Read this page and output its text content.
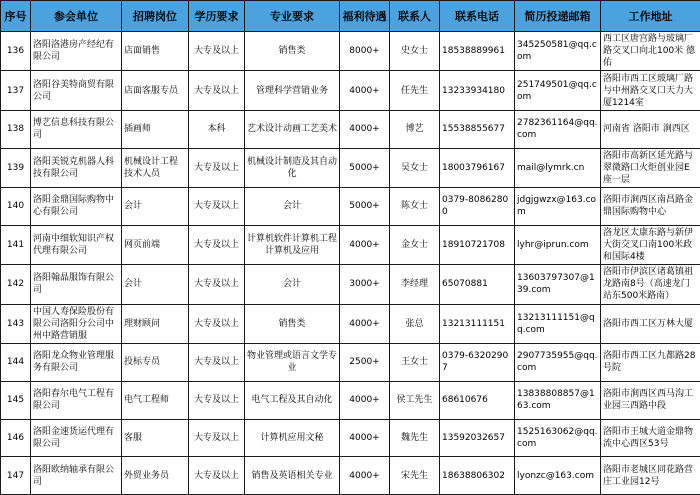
序号	参会单位	招聘岗位	学历要求	专业要求	福利待遇	联系人	联系电话	简历投递邮箱	工作地址
136	洛阳洛港房产经纪有限公司	店面销售	大专及以上	销售类	8000+	史女士	18538889961	345250581@qq.com	西工区唐宫路与玻璃厂路交叉口向北100米 德佑
137	洛阳谷美特商贸有限公司	店面客服专员	大专及以上	管理科学营销业务	4000+	任先生	13233934180	251749501@qq.com	洛阳市西工区玻璃厂路与中州路交叉口天力大厦1214室
138	博艺信息科技有限公司	插画师	本科	艺术设计动画工艺美术	4000+	博艺	15538855677	2782361164@qq.com	河南省 洛阳市 涧西区
139	洛阳美锐克机器人科技有限公司	机械设计工程技术人员	大专及以上	机械设计制造及其自动化	5000+	吴女士	18003796167	mail@lymrk.cn	洛阳市高新区延光路与翠微路口火炬创业园E座一层
140	洛阳金鼎国际购物中心有限公司	会计	大专及以上	会计	5000+	陈女士	0379-80862800	jdgjgwzx@163.com	洛阳市涧西区南昌路金鼎国际购物中心
141	河南中细软知识产权代理有限公司	网页前端	大专及以上	计算机软件计算机工程计算机及应用	4000+	金女士	18910721708	lyhr@iprun.com	洛龙区太康东路与新伊大街交叉口南100米政和国际4楼
142	洛阳翰晶服饰有限公司	会计	大专及以上	会计	3000+	李经理	65070881	13603797307@139.com	洛阳市伊滨区诸葛镇祖龙路南8号（高速龙门站东500米路南）
143	中国人寿保险股份有限公司洛阳分公司中州中路营销服	理财顾问	大专及以上	销售类	4000+	张总	13213111151	13213111151@qq.com	洛阳市西工区万林大厦
144	洛阳龙众物业管理服务有限公司	投标专员	大专及以上	物业管理或语言文学专业	2500+	王女士	0379-63202907	2907735955@qq.com	洛阳市西工区九都路28号院
145	洛阳春尔电气工程有限公司	电气工程师	大专及以上	电气工程及其自动化	4000+	侯工先生	68610676	13838808857@163.com	洛阳市涧西区西马沟工业园三西路中段
146	洛阳金速货运代理有限公司	客服	大专及以上	计算机应用文秘	4000+	魏先生	13592032657	1525163062@qq.com	洛阳市王城大道金鼎物流中心西区53号
147	洛阳欧纳轴承有限公司	外贸业务员	大专及以上	销售及英语相关专业	4000+	宋先生	18638806302	lyonzc@163.com	洛阳市老城区同花路营庄工业园12号
